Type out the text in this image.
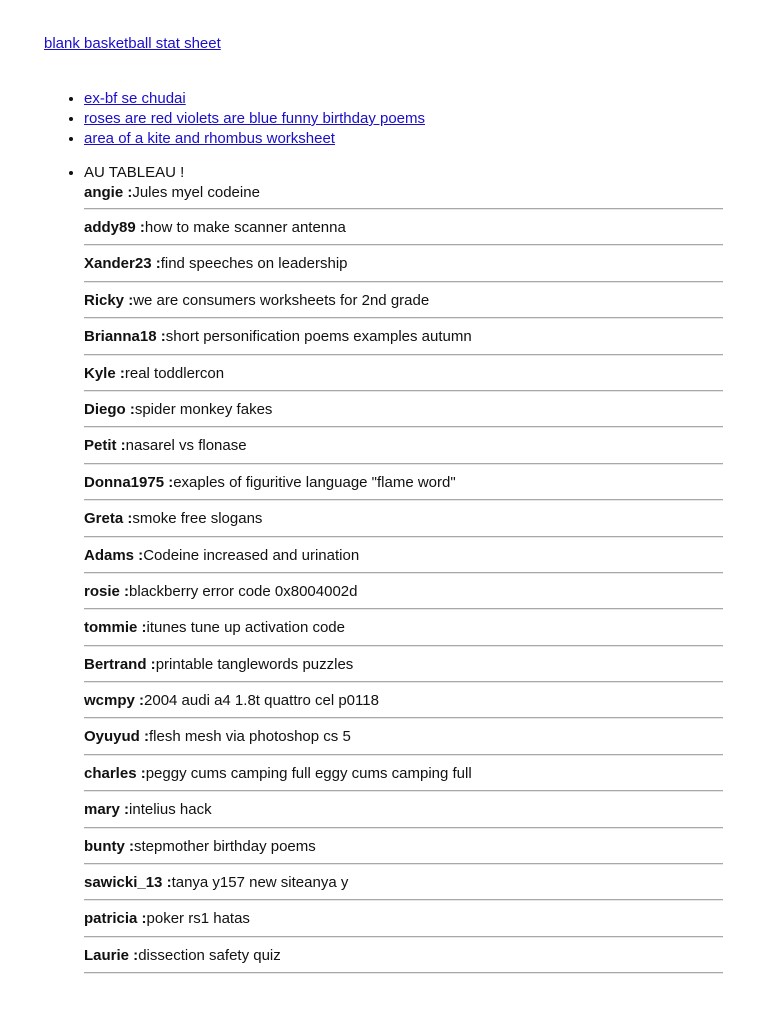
blank basketball stat sheet
• ex-bf se chudai
• roses are red violets are blue funny birthday poems
• area of a kite and rhombus worksheet
• AU TABLEAU !
angie : Jules myel codeine
addy89 : how to make scanner antenna
Xander23 : find speeches on leadership
Ricky : we are consumers worksheets for 2nd grade
Brianna18 : short personification poems examples autumn
Kyle : real toddlercon
Diego : spider monkey fakes
Petit : nasarel vs flonase
Donna1975 : exaples of figuritive language "flame word"
Greta : smoke free slogans
Adams : Codeine increased and urination
rosie : blackberry error code 0x8004002d
tommie : itunes tune up activation code
Bertrand : printable tanglewords puzzles
wcmpy : 2004 audi a4 1.8t quattro cel p0118
Oyuyud : flesh mesh via photoshop cs 5
charles : peggy cums camping full eggy cums camping full
mary : intelius hack
bunty : stepmother birthday poems
sawicki_13 : tanya y157 new siteanya y
patricia : poker rs1 hatas
Laurie : dissection safety quiz
